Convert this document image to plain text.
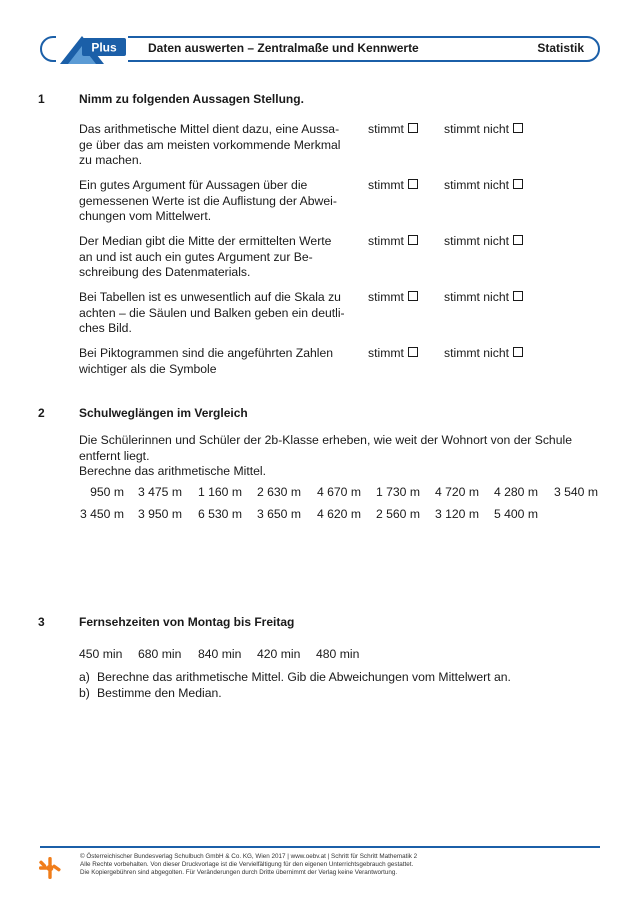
Plus	Daten auswerten – Zentralmaße und Kennwerte	Statistik
1	Nimm zu folgenden Aussagen Stellung.
Das arithmetische Mittel dient dazu, eine Aussa-
ge über das am meisten vorkommende Merkmal
zu machen.
stimmt	stimmt nicht
Ein gutes Argument für Aussagen über die
gemessenen Werte ist die Auflistung der Abwei-
chungen vom Mittelwert.
stimmt	stimmt nicht
Der Median gibt die Mitte der ermittelten Werte
an und ist auch ein gutes Argument zur Be-
schreibung des Datenmaterials.
stimmt	stimmt nicht
Bei Tabellen ist es unwesentlich auf die Skala zu
achten – die Säulen und Balken geben ein deutli-
ches Bild.
stimmt	stimmt nicht
Bei Piktogrammen sind die angeführten Zahlen
wichtiger als die Symbole
stimmt	stimmt nicht
2	Schulweglängen im Vergleich
Die Schülerinnen und Schüler der 2b-Klasse erheben, wie weit der Wohnort von der Schule
entfernt liegt.
Berechne das arithmetische Mittel.
950 m	3 475 m	1 160 m	2 630 m	4 670 m	1 730 m	4 720 m	4 280 m	3 540 m
3 450 m	3 950 m	6 530 m	3 650 m	4 620 m	2 560 m	3 120 m	5 400 m
3	Fernsehzeiten von Montag bis Freitag
450 min 680 min 840 min 420 min 480 min
a) Berechne das arithmetische Mittel. Gib die Abweichungen vom Mittelwert an.
b) Bestimme den Median.
© Österreichischer Bundesverlag Schulbuch GmbH & Co. KG, Wien 2017 | www.oebv.at | Schritt für Schritt Mathematik 2
Alle Rechte vorbehalten. Von dieser Druckvorlage ist die Vervielfältigung für den eigenen Unterrichtsgebrauch gestattet.
Die Kopiergebühren sind abgegolten. Für Veränderungen durch Dritte übernimmt der Verlag keine Verantwortung.
